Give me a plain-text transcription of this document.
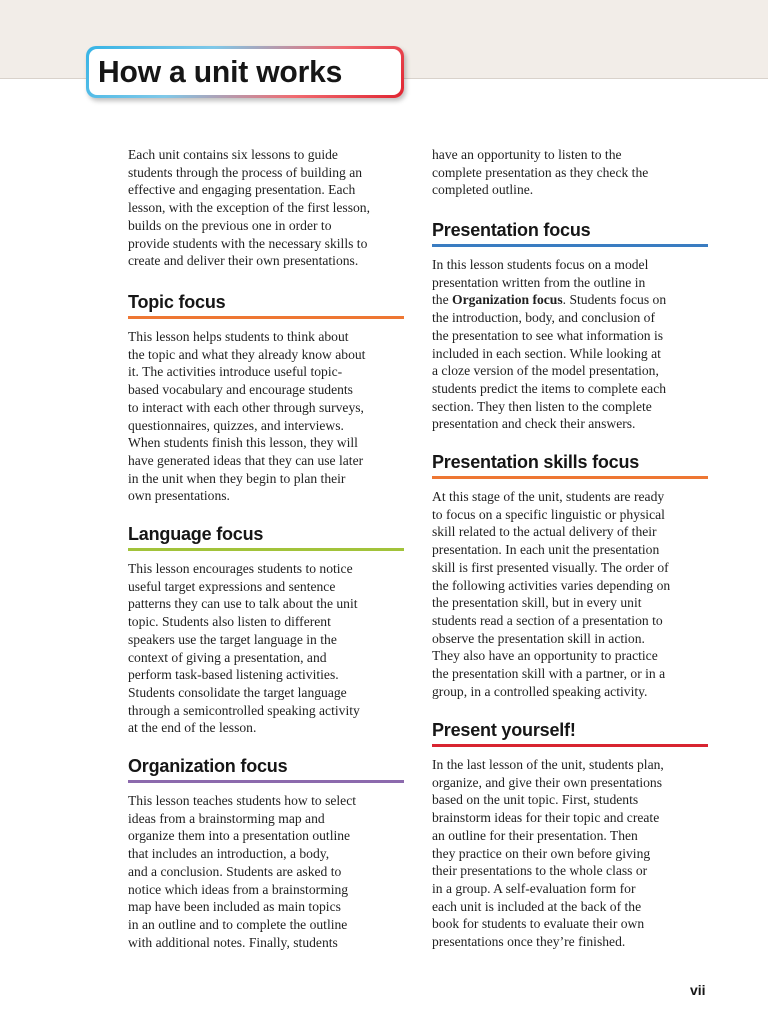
How a unit works

Each unit contains six lessons to guide
students through the process of building an
effective and engaging presentation. Each
lesson, with the exception of the first lesson,
builds on the previous one in order to
provide students with the necessary skills to
create and deliver their own presentations.

Topic focus

This lesson helps students to think about
the topic and what they already know about
it. The activities introduce useful topic-
based vocabulary and encourage students
to interact with each other through surveys,
questionnaires, quizzes, and interviews.
When students finish this lesson, they will
have generated ideas that they can use later
in the unit when they begin to plan their
own presentations.

Language focus

This lesson encourages students to notice
useful target expressions and sentence
patterns they can use to talk about the unit
topic. Students also listen to different
speakers use the target language in the
context of giving a presentation, and
perform task-based listening activities.
Students consolidate the target language
through a semicontrolled speaking activity
at the end of the lesson.

Organization focus

This lesson teaches students how to select
ideas from a brainstorming map and
organize them into a presentation outline
that includes an introduction, a body,
and a conclusion. Students are asked to
notice which ideas from a brainstorming
map have been included as main topics
in an outline and to complete the outline
with additional notes. Finally, students

have an opportunity to listen to the
complete presentation as they check the
completed outline.

Presentation focus

In this lesson students focus on a model
presentation written from the outline in
the Organization focus. Students focus on
the introduction, body, and conclusion of
the presentation to see what information is
included in each section. While looking at
a cloze version of the model presentation,
students predict the items to complete each
section. They then listen to the complete
presentation and check their answers.

Presentation skills focus

At this stage of the unit, students are ready
to focus on a specific linguistic or physical
skill related to the actual delivery of their
presentation. In each unit the presentation
skill is first presented visually. The order of
the following activities varies depending on
the presentation skill, but in every unit
students read a section of a presentation to
observe the presentation skill in action.
They also have an opportunity to practice
the presentation skill with a partner, or in a
group, in a controlled speaking activity.

Present yourself!

In the last lesson of the unit, students plan,
organize, and give their own presentations
based on the unit topic. First, students
brainstorm ideas for their topic and create
an outline for their presentation. Then
they practice on their own before giving
their presentations to the whole class or
in a group. A self-evaluation form for
each unit is included at the back of the
book for students to evaluate their own
presentations once they’re finished.

vii
